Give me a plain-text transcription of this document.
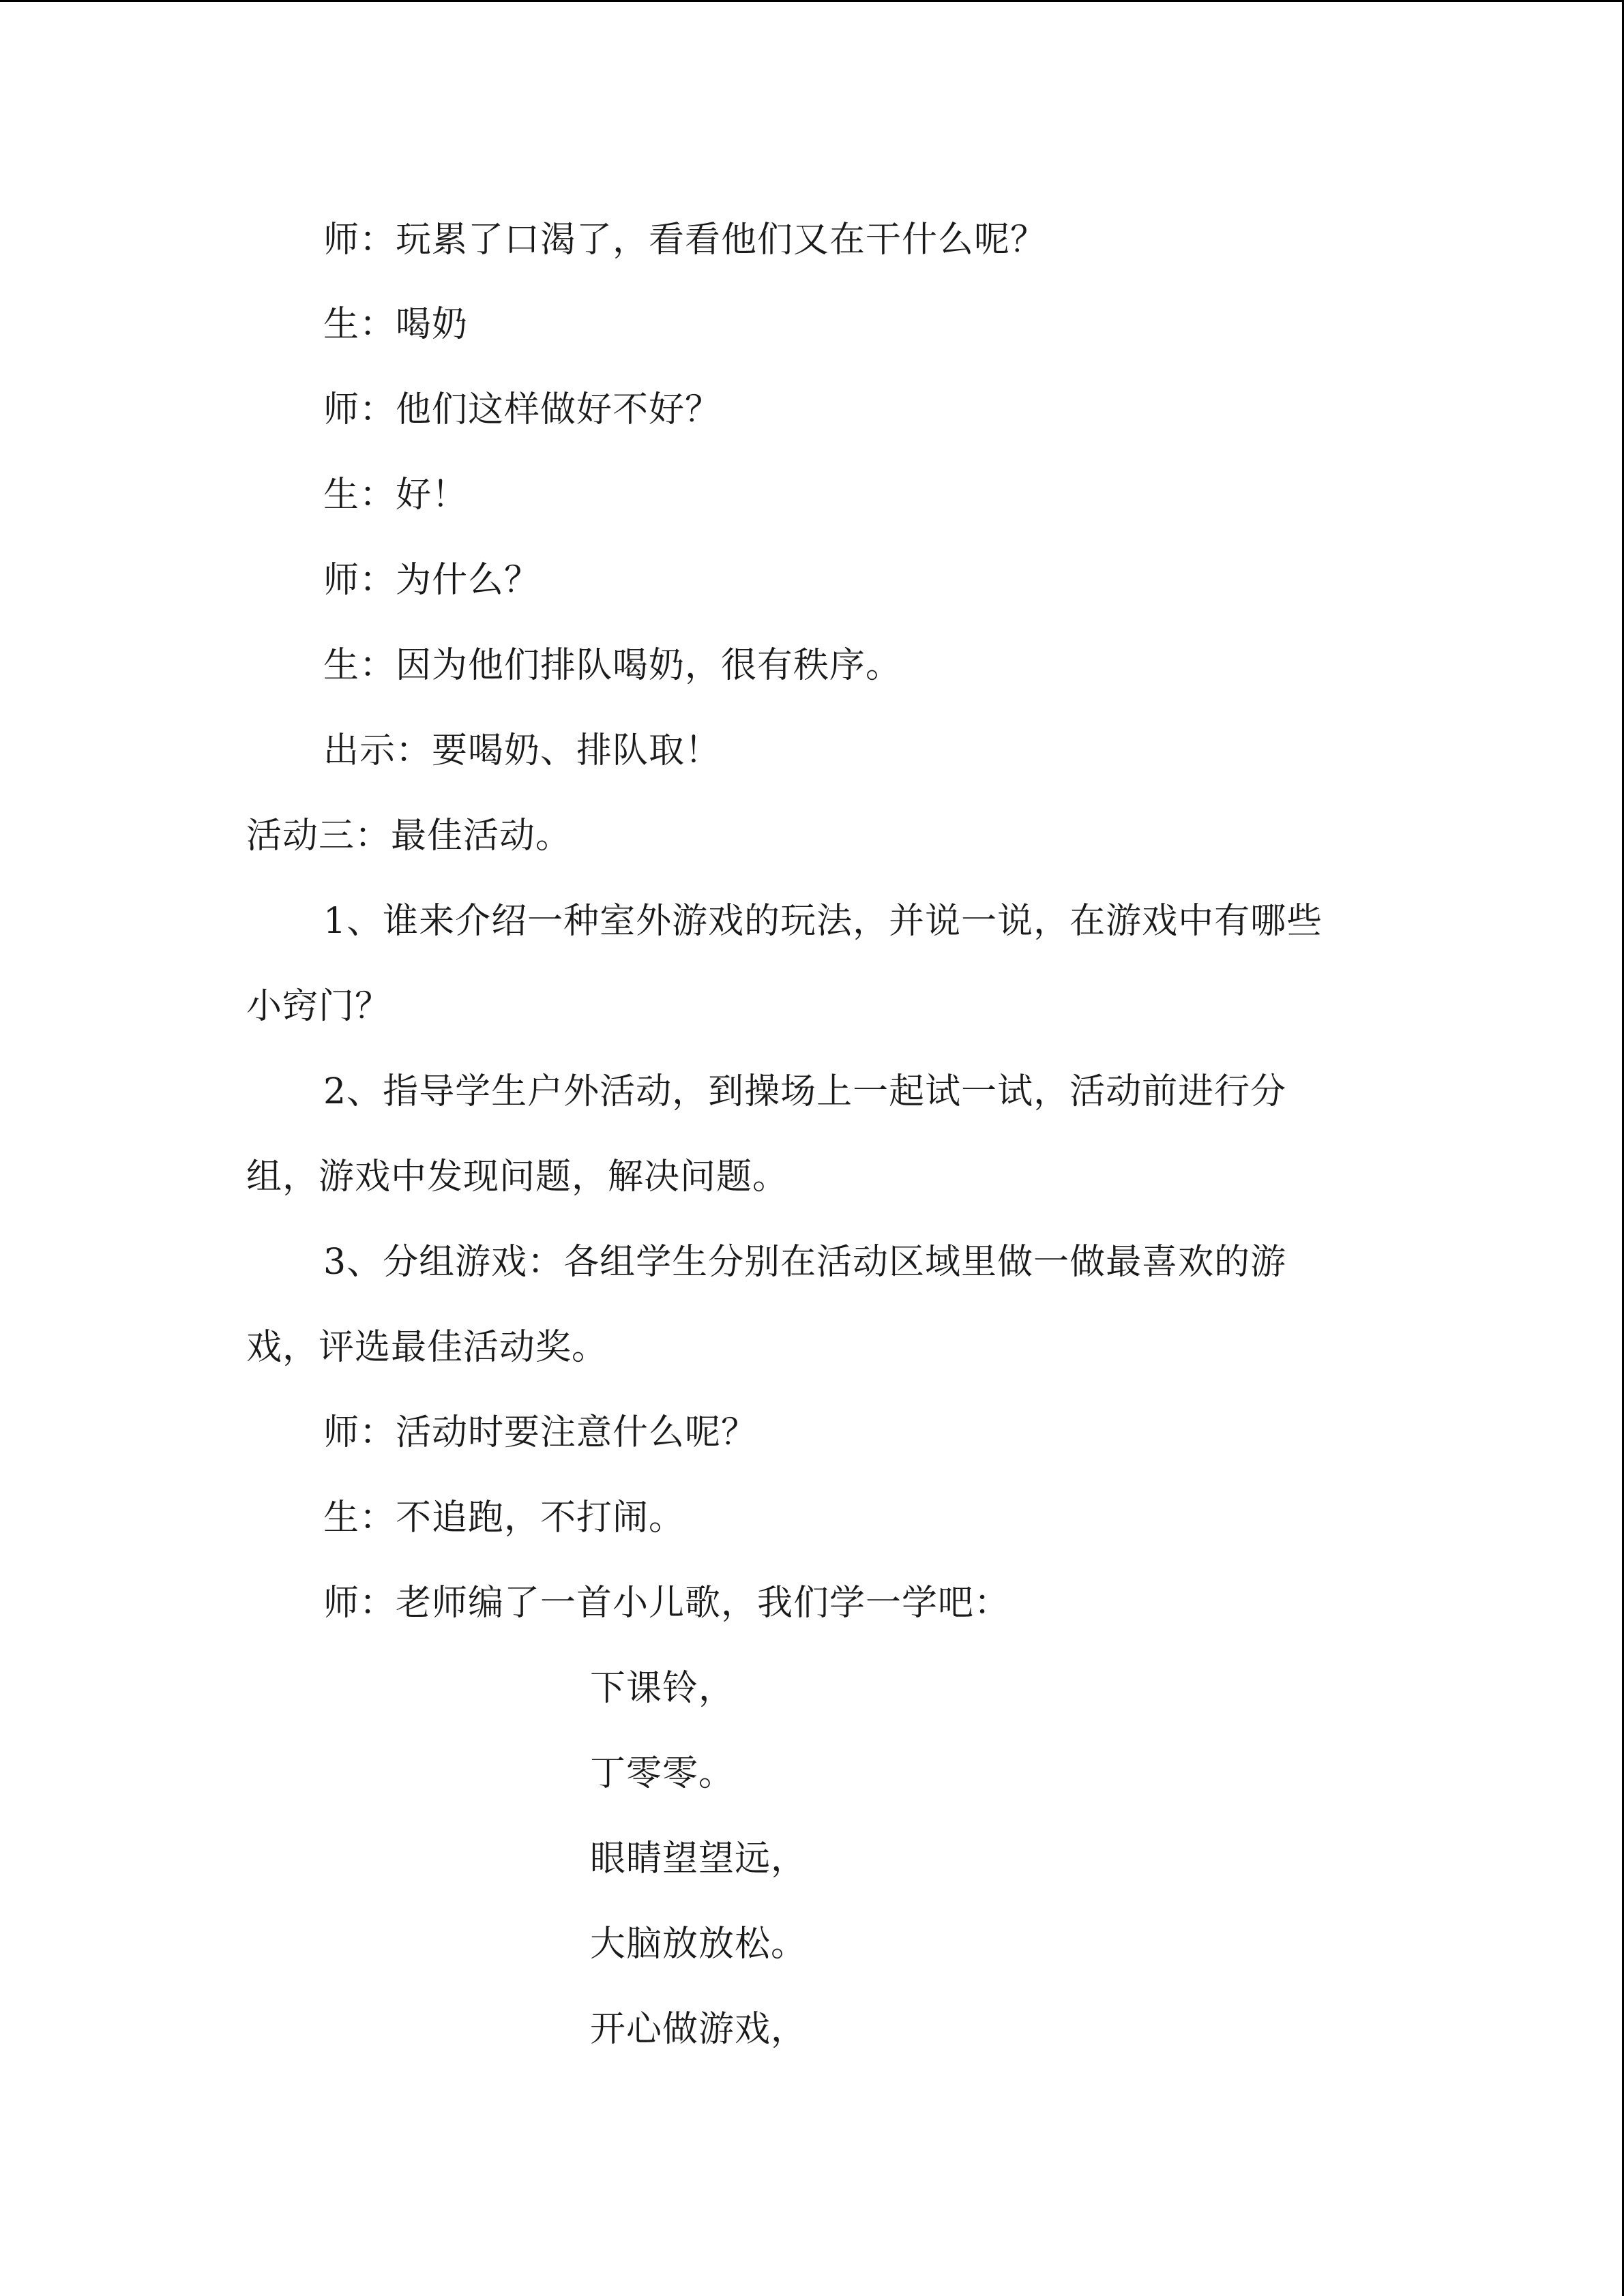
师：玩累了口渴了，看看他们又在干什么呢？
生：喝奶
师：他们这样做好不好？
生：好！
师：为什么？
生：因为他们排队喝奶，很有秩序。
出示：要喝奶、排队取！
活动三：最佳活动。
1、谁来介绍一种室外游戏的玩法，并说一说，在游戏中有哪些
小窍门？
2、指导学生户外活动，到操场上一起试一试，活动前进行分
组，游戏中发现问题，解决问题。
3、分组游戏：各组学生分别在活动区域里做一做最喜欢的游
戏，评选最佳活动奖。
师：活动时要注意什么呢？
生：不追跑，不打闹。
师：老师编了一首小儿歌，我们学一学吧：
下课铃，
丁零零。
眼睛望望远，
大脑放放松。
开心做游戏，
